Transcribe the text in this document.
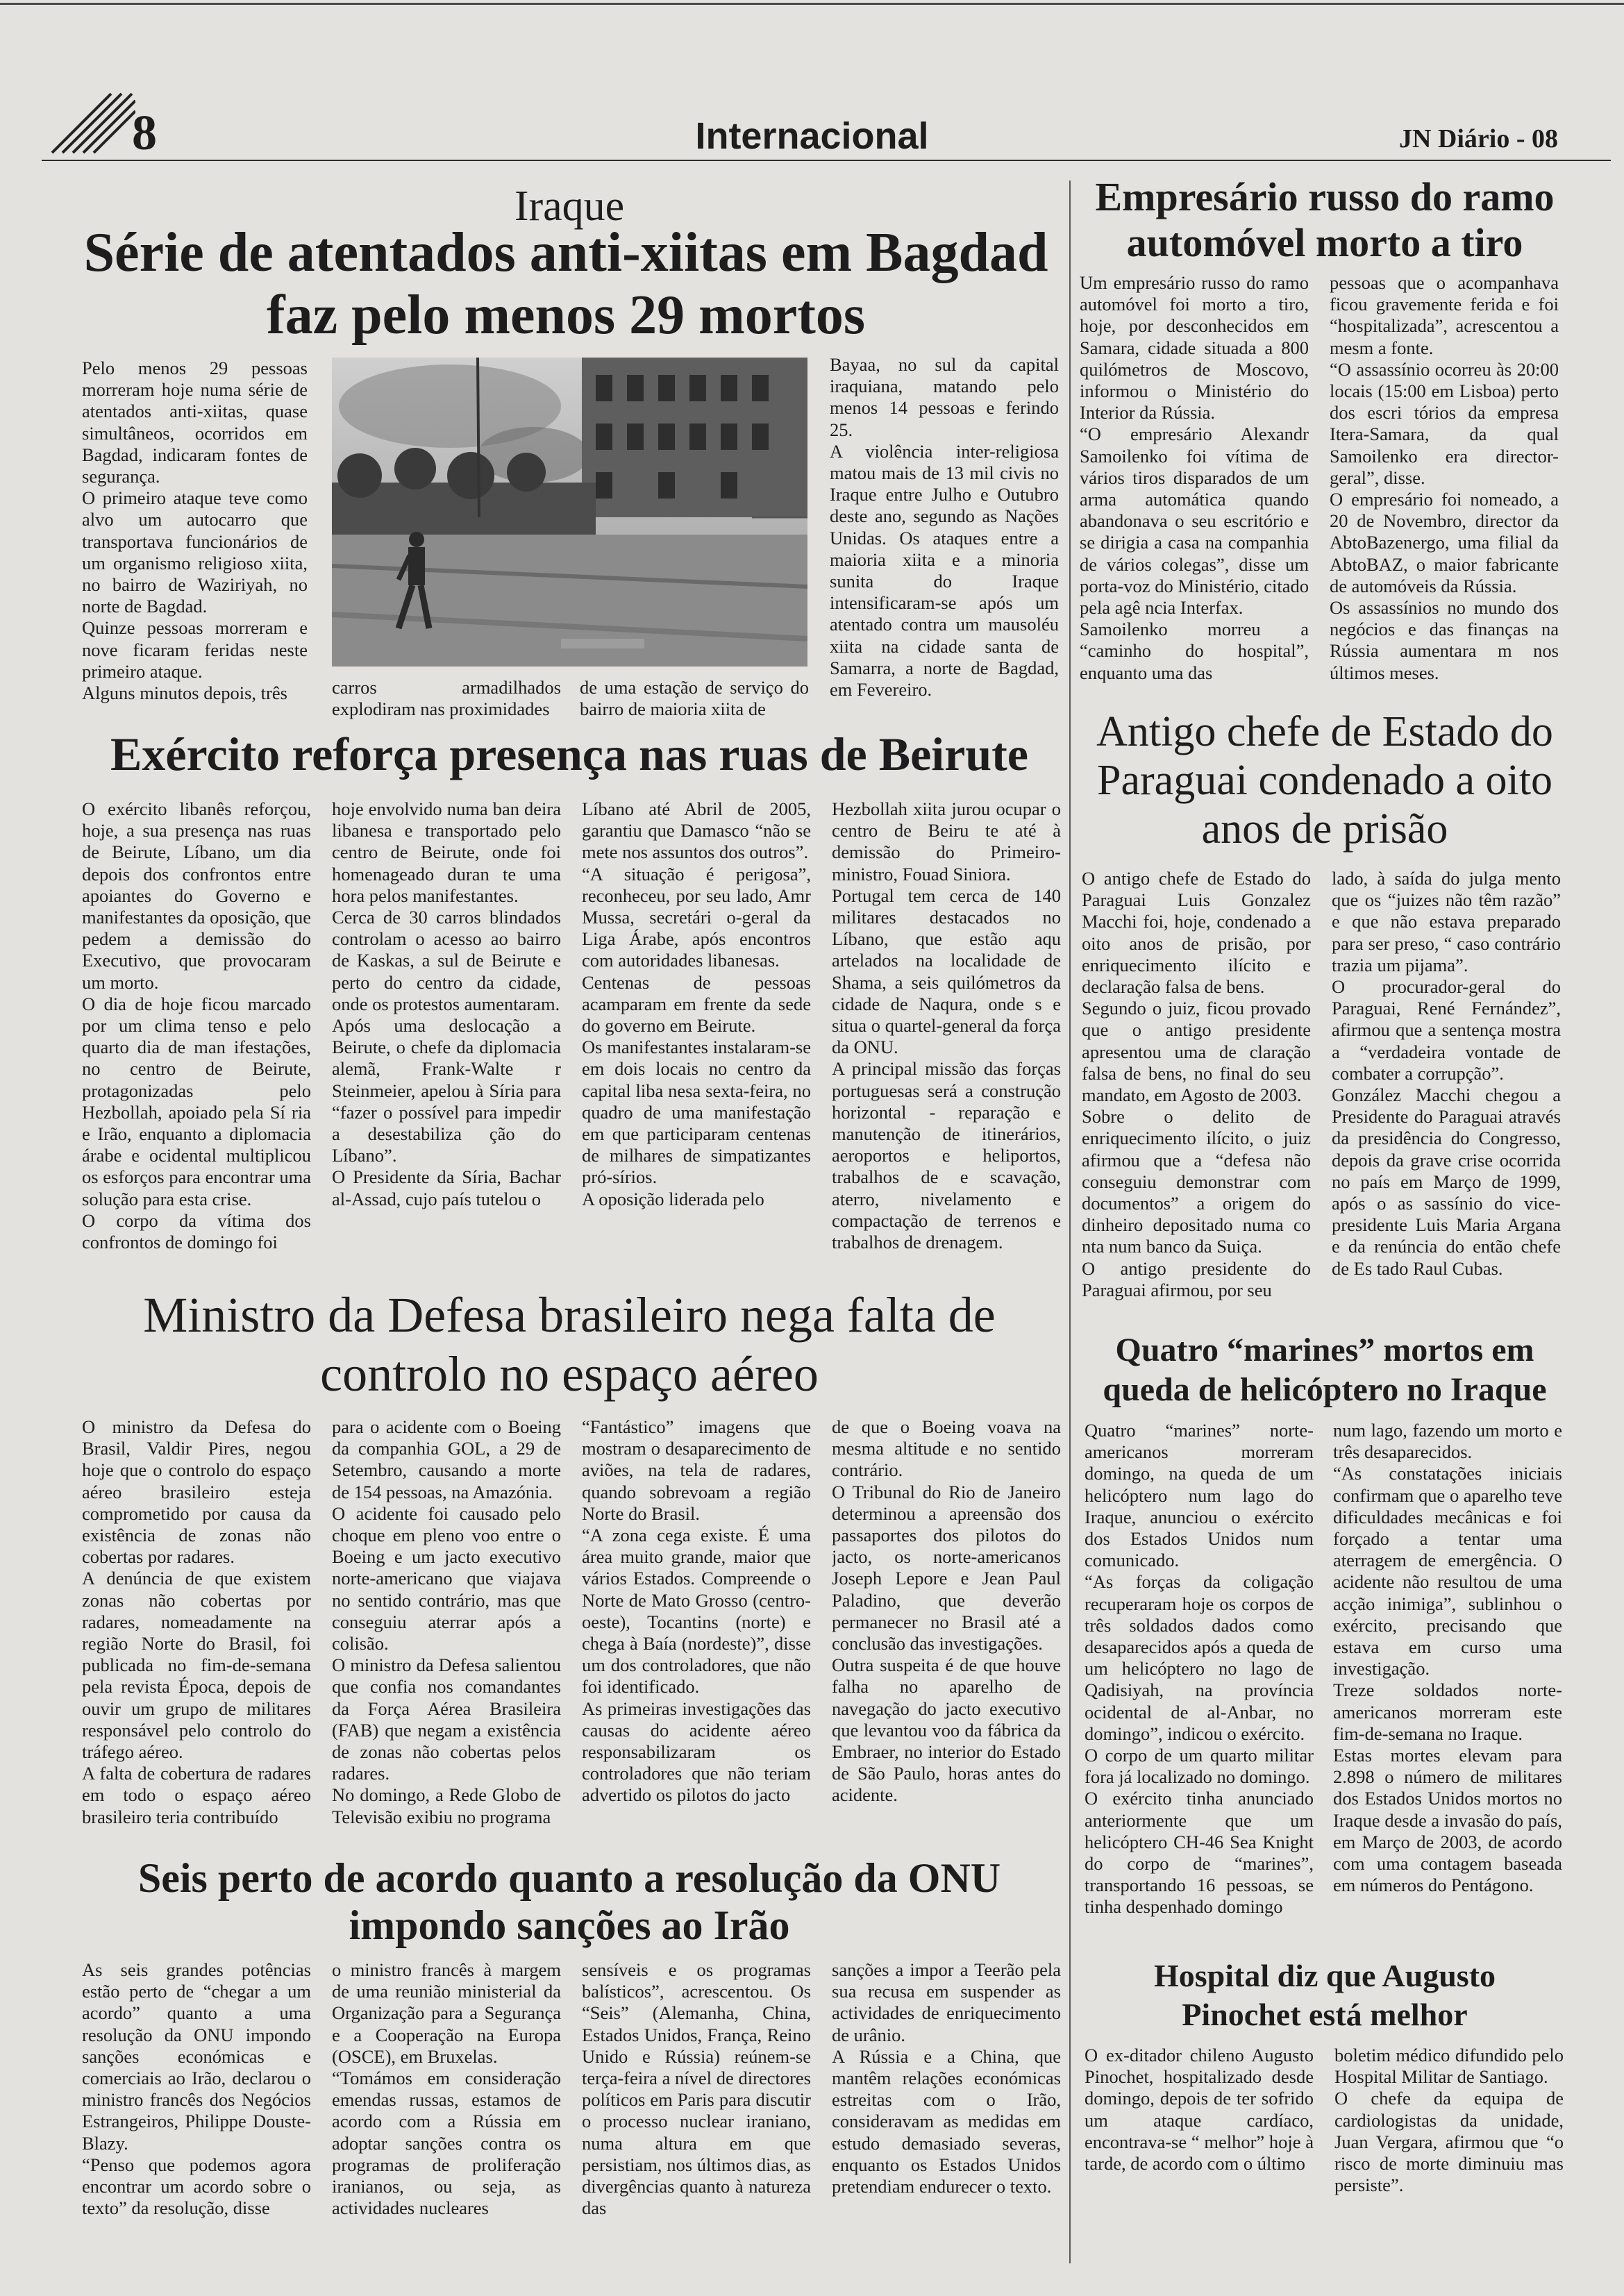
8	Internacional	JN Diário - 08
Iraque
Série de atentados anti-xiitas em Bagdad
faz pelo menos 29 mortos

Pelo menos 29 pessoas morreram hoje numa série de atentados anti-xiitas, quase simultâneos, ocorridos em Bagdad, indicaram fontes de segurança.

O primeiro ataque teve como alvo um autocarro que transportava funcionários de um organismo religioso xiita, no bairro de Waziriyah, no norte de Bagdad.

Quinze pessoas morreram e nove ficaram feridas neste primeiro ataque.

Alguns minutos depois, três	carros armadilhados explodiram nas proximidades
de uma estação de serviço do bairro de maioria xiita de

Bayaa, no sul da capital iraquiana, matando pelo menos 14 pessoas e ferindo 25.

A violência inter-religiosa matou mais de 13 mil civis no Iraque entre Julho e Outubro deste ano, segundo as Nações Unidas. Os ataques entre a maioria xiita e a minoria sunita do Iraque intensificaram-se após um atentado contra um mausoléu xiita na cidade santa de Samarra, a norte de Bagdad, em Fevereiro.

Exército reforça presença nas ruas de Beirute

O exército libanês reforçou, hoje, a sua presença nas ruas de Beirute, Líbano, um dia depois dos confrontos entre apoiantes do Governo e manifestantes da oposição, que pedem a demissão do Executivo, que provocaram um morto.

O dia de hoje ficou marcado por um clima tenso e pelo quarto dia de man ifestações, no centro de Beirute, protagonizadas pelo Hezbollah, apoiado pela Sí ria e Irão, enquanto a diplomacia árabe e ocidental multiplicou os esforços para encontrar uma solução para esta crise.

O corpo da vítima dos confrontos de domingo foi

hoje envolvido numa ban deira libanesa e transportado pelo centro de Beirute, onde foi homenageado duran te uma hora pelos manifestantes.

Cerca de 30 carros blindados controlam o acesso ao bairro de Kaskas, a sul de Beirute e perto do centro da cidade, onde os protestos aumentaram.

Após uma deslocação a Beirute, o chefe da diplomacia alemã, Frank-Walte r Steinmeier, apelou à Síria para “fazer o possível para impedir a desestabiliza ção do Líbano”.

O Presidente da Síria, Bachar al-Assad, cujo país tutelou o

Líbano até Abril de 2005, garantiu que Damasco “não se mete nos assuntos dos outros”.

“A situação é perigosa”, reconheceu, por seu lado, Amr Mussa, secretári o-geral da Liga Árabe, após encontros com autoridades libanesas.

Centenas de pessoas acamparam em frente da sede do governo em Beirute.

Os manifestantes instalaram-se em dois locais no centro da capital liba nesa sexta-feira, no quadro de uma manifestação em que participaram centenas de milhares de simpatizantes pró-sírios.

A oposição liderada pelo

Hezbollah xiita jurou ocupar o centro de Beiru te até à demissão do Primeiro-ministro, Fouad Siniora.

Portugal tem cerca de 140 militares destacados no Líbano, que estão aqu artelados na localidade de Shama, a seis quilómetros da cidade de Naqura, onde s e situa o quartel-general da força da ONU.

A principal missão das forças portuguesas será a construção horizontal - reparação e manutenção de itinerários, aeroportos e heliportos, trabalhos de e scavação, aterro, nivelamento e compactação de terrenos e trabalhos de drenagem.

Ministro da Defesa brasileiro nega falta de
controlo no espaço aéreo

O ministro da Defesa do Brasil, Valdir Pires, negou hoje que o controlo do espaço aéreo brasileiro esteja comprometido por causa da existência de zonas não cobertas por radares.

A denúncia de que existem zonas não cobertas por radares, nomeadamente na região Norte do Brasil, foi publicada no fim-de-semana pela revista Época, depois de ouvir um grupo de militares responsável pelo controlo do tráfego aéreo.

A falta de cobertura de radares em todo o espaço aéreo brasileiro teria contribuído

para o acidente com o Boeing da companhia GOL, a 29 de Setembro, causando a morte de 154 pessoas, na Amazónia.

O acidente foi causado pelo choque em pleno voo entre o Boeing e um jacto executivo norte-americano que viajava no sentido contrário, mas que conseguiu aterrar após a colisão.

O ministro da Defesa salientou que confia nos comandantes da Força Aérea Brasileira (FAB) que negam a existência de zonas não cobertas pelos radares.

No domingo, a Rede Globo de Televisão exibiu no programa

“Fantástico” imagens que mostram o desaparecimento de aviões, na tela de radares, quando sobrevoam a região Norte do Brasil.

“A zona cega existe. É uma área muito grande, maior que vários Estados. Compreende o Norte de Mato Grosso (centro- oeste), Tocantins (norte) e chega à Baía (nordeste)”, disse um dos controladores, que não foi identificado.

As primeiras investigações das causas do acidente aéreo responsabilizaram os controladores que não teriam advertido os pilotos do jacto

de que o Boeing voava na mesma altitude e no sentido contrário.

O Tribunal do Rio de Janeiro determinou a apreensão dos passaportes dos pilotos do jacto, os norte-americanos Joseph Lepore e Jean Paul Paladino, que deverão permanecer no Brasil até a conclusão das investigações.

Outra suspeita é de que houve falha no aparelho de navegação do jacto executivo que levantou voo da fábrica da Embraer, no interior do Estado de São Paulo, horas antes do acidente.

Seis perto de acordo quanto a resolução da ONU
impondo sanções ao Irão

As seis grandes potências estão perto de “chegar a um acordo” quanto a uma resolução da ONU impondo sanções económicas e comerciais ao Irão, declarou o ministro francês dos Negócios Estrangeiros, Philippe Douste-Blazy.

“Penso que podemos agora encontrar um acordo sobre o texto” da resolução, disse

o ministro francês à margem de uma reunião ministerial da Organização para a Segurança e a Cooperação na Europa (OSCE), em Bruxelas.

“Tomámos em consideração emendas russas, estamos de acordo com a Rússia em adoptar sanções contra os programas de proliferação iranianos, ou seja, as actividades nucleares

sensíveis e os programas balísticos”, acrescentou. Os “Seis” (Alemanha, China, Estados Unidos, França, Reino Unido e Rússia) reúnem-se terça-feira a nível de directores políticos em Paris para discutir o processo nuclear iraniano, numa altura em que persistiam, nos últimos dias, as divergências quanto à natureza das

sanções a impor a Teerão pela sua recusa em suspender as actividades de enriquecimento de urânio.

A Rússia e a China, que mantêm relações económicas estreitas com o Irão, consideravam as medidas em estudo demasiado severas, enquanto os Estados Unidos pretendiam endurecer o texto.

Empresário russo do ramo
automóvel morto a tiro

Um empresário russo do ramo automóvel foi morto a tiro, hoje, por desconhecidos em Samara, cidade situada a 800 quilómetros de Moscovo, informou o Ministério do Interior da Rússia.

“O empresário Alexandr Samoilenko foi vítima de vários tiros disparados de um arma automática quando abandonava o seu escritório e se dirigia a casa na companhia de vários colegas”, disse um porta-voz do Ministério, citado pela agê ncia Interfax.

Samoilenko morreu a “caminho do hospital”, enquanto uma das

pessoas que o acompanhava ficou gravemente ferida e foi “hospitalizada”, acrescentou a mesm a fonte.

“O assassínio ocorreu às 20:00 locais (15:00 em Lisboa) perto dos escri tórios da empresa Itera-Samara, da qual Samoilenko era director-geral”, disse.

O empresário foi nomeado, a 20 de Novembro, director da AbtoBazenergo, uma filial da AbtoBAZ, o maior fabricante de automóveis da Rússia.

Os assassínios no mundo dos negócios e das finanças na Rússia aumentara m nos últimos meses.

Antigo chefe de Estado do
Paraguai condenado a oito
anos de prisão

O antigo chefe de Estado do Paraguai Luis Gonzalez Macchi foi, hoje, condenado a oito anos de prisão, por enriquecimento ilícito e declaração falsa de bens.

Segundo o juiz, ficou provado que o antigo presidente apresentou uma de claração falsa de bens, no final do seu mandato, em Agosto de 2003.

Sobre o delito de enriquecimento ilícito, o juiz afirmou que a “defesa não conseguiu demonstrar com documentos” a origem do dinheiro depositado numa co nta num banco da Suiça.

O antigo presidente do Paraguai afirmou, por seu

lado, à saída do julga mento que os “juizes não têm razão” e que não estava preparado para ser preso, “ caso contrário trazia um pijama”.

O procurador-geral do Paraguai, René Fernández”, afirmou que a sentença mostra a “verdadeira vontade de combater a corrupção”.

González Macchi chegou a Presidente do Paraguai através da presidência do Congresso, depois da grave crise ocorrida no país em Março de 1999, após o as sassínio do vice-presidente Luis Maria Argana e da renúncia do então chefe de Es tado Raul Cubas.

Quatro “marines” mortos em
queda de helicóptero no Iraque

Quatro “marines” norte-americanos morreram domingo, na queda de um helicóptero num lago do Iraque, anunciou o exército dos Estados Unidos num comunicado.

“As forças da coligação recuperaram hoje os corpos de três soldados dados como desaparecidos após a queda de um helicóptero no lago de Qadisiyah, na província ocidental de al-Anbar, no domingo”, indicou o exército.

O corpo de um quarto militar fora já localizado no domingo.

O exército tinha anunciado anteriormente que um helicóptero CH-46 Sea Knight do corpo de “marines”, transportando 16 pessoas, se tinha despenhado domingo

num lago, fazendo um morto e três desaparecidos.

“As constatações iniciais confirmam que o aparelho teve dificuldades mecânicas e foi forçado a tentar uma aterragem de emergência. O acidente não resultou de uma acção inimiga”, sublinhou o exército, precisando que estava em curso uma investigação.

Treze soldados norte-americanos morreram este fim-de-semana no Iraque.

Estas mortes elevam para 2.898 o número de militares dos Estados Unidos mortos no Iraque desde a invasão do país, em Março de 2003, de acordo com uma contagem baseada em números do Pentágono.

Hospital diz que Augusto
Pinochet está melhor

O ex-ditador chileno Augusto Pinochet, hospitalizado desde domingo, depois de ter sofrido um ataque cardíaco, encontrava-se “ melhor” hoje à tarde, de acordo com o último

boletim médico difundido pelo Hospital Militar de Santiago.

O chefe da equipa de cardiologistas da unidade, Juan Vergara, afirmou que “o risco de morte diminuiu mas persiste”.
